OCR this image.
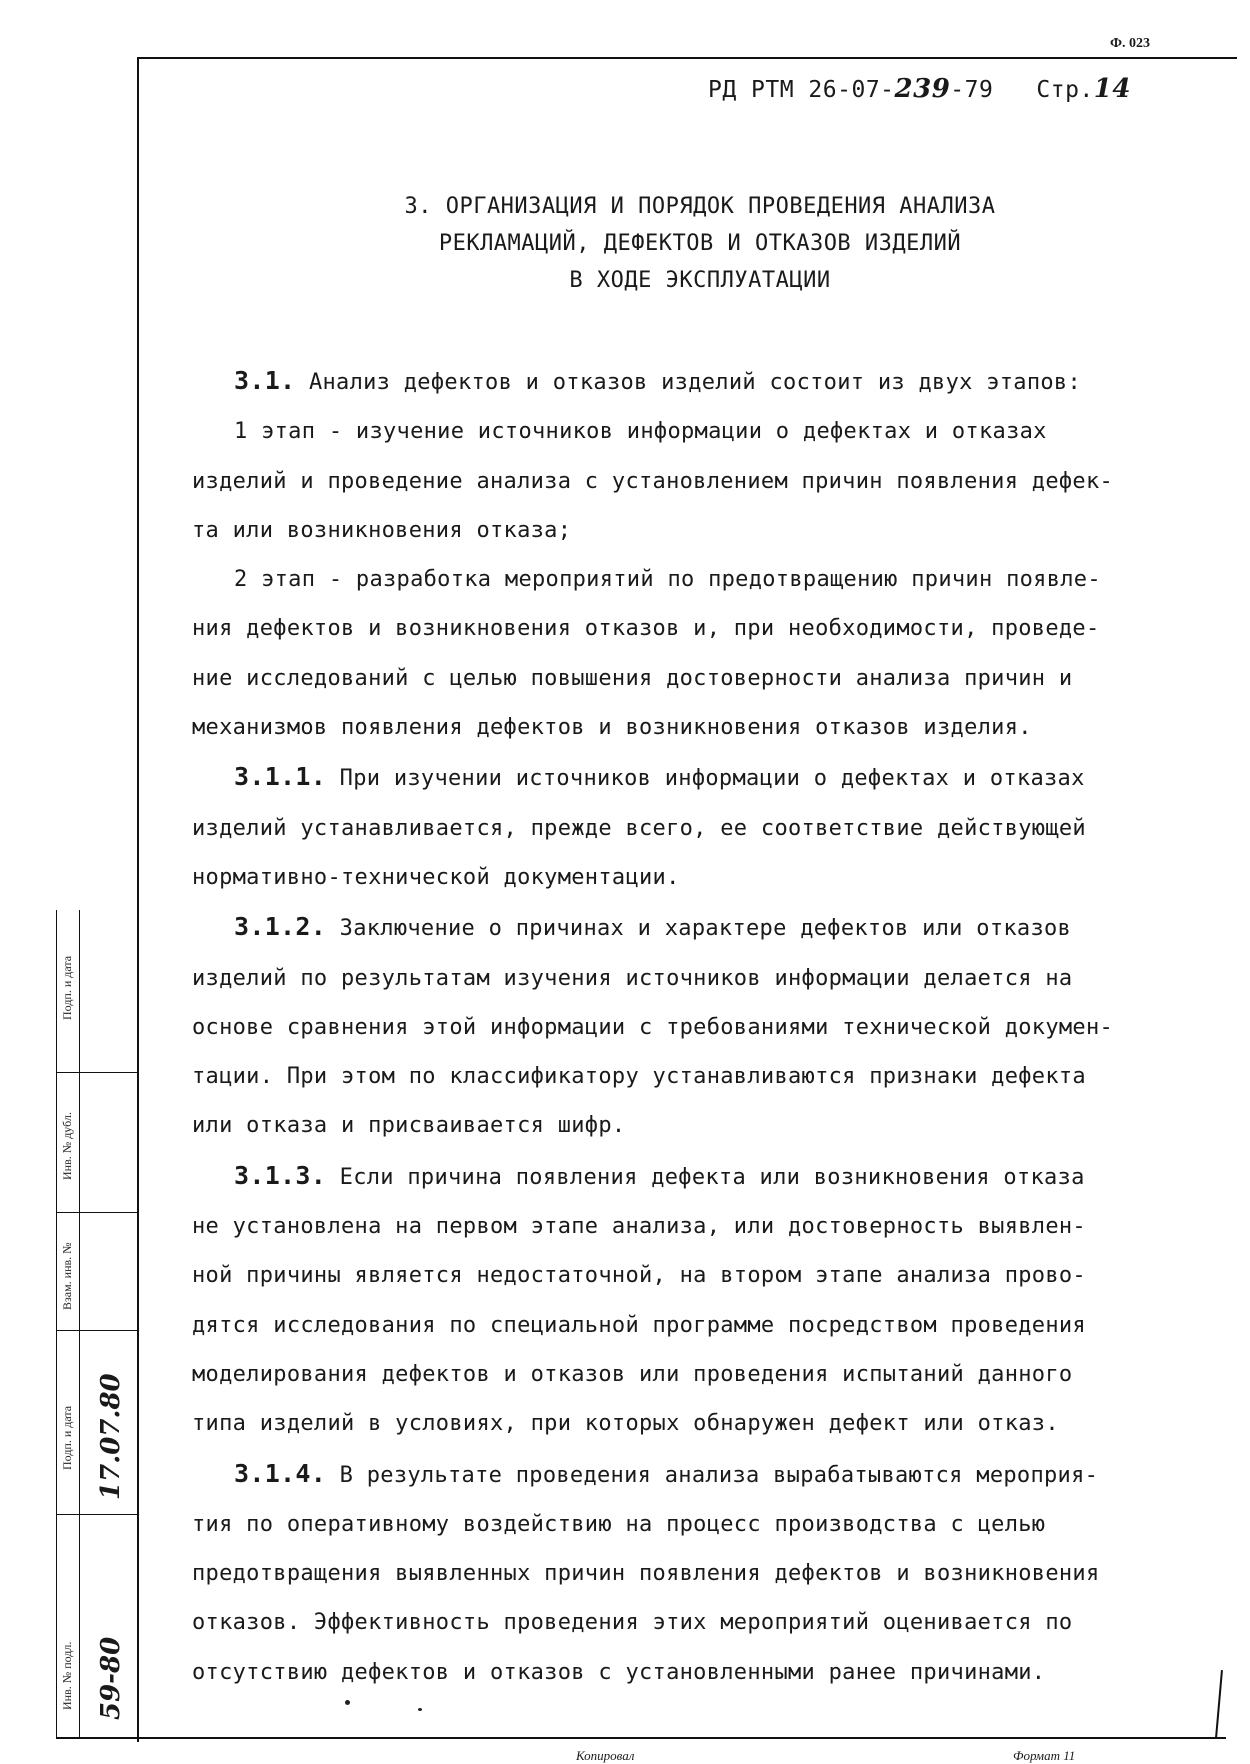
Ф. 023
РД РТМ 26-07-239-79 Стр.14
3. ОРГАНИЗАЦИЯ И ПОРЯДОК ПРОВЕДЕНИЯ АНАЛИЗА
РЕКЛАМАЦИЙ, ДЕФЕКТОВ И ОТКАЗОВ ИЗДЕЛИЙ
В ХОДЕ ЭКСПЛУАТАЦИИ
3.1. Анализ дефектов и отказов изделий состоит из двух этапов:
1 этап - изучение источников информации о дефектах и отказах
изделий и проведение анализа с установлением причин появления дефек-
та или возникновения отказа;
2 этап - разработка мероприятий по предотвращению причин появле-
ния дефектов и возникновения отказов и, при необходимости, проведе-
ние исследований с целью повышения достоверности анализа причин и
механизмов появления дефектов и возникновения отказов изделия.
3.1.1. При изучении источников информации о дефектах и отказах
изделий устанавливается, прежде всего, ее соответствие действующей
нормативно-технической документации.
3.1.2. Заключение о причинах и характере дефектов или отказов
изделий по результатам изучения источников информации делается на
основе сравнения этой информации с требованиями технической докумен-
тации. При этом по классификатору устанавливаются признаки дефекта
или отказа и присваивается шифр.
3.1.3. Если причина появления дефекта или возникновения отказа
не установлена на первом этапе анализа, или достоверность выявлен-
ной причины является недостаточной, на втором этапе анализа прово-
дятся исследования по специальной программе посредством проведения
моделирования дефектов и отказов или проведения испытаний данного
типа изделий в условиях, при которых обнаружен дефект или отказ.
3.1.4. В результате проведения анализа вырабатываются мероприя-
тия по оперативному воздействию на процесс производства с целью
предотвращения выявленных причин появления дефектов и возникновения
отказов. Эффективность проведения этих мероприятий оценивается по
отсутствию дефектов и отказов с установленными ранее причинами.
Подп. и дата
Инв. № дубл.
Взам. инв. №
Подп. и дата
Инв. № подл.
17.07.80
59-80
Копировал	Формат 11
